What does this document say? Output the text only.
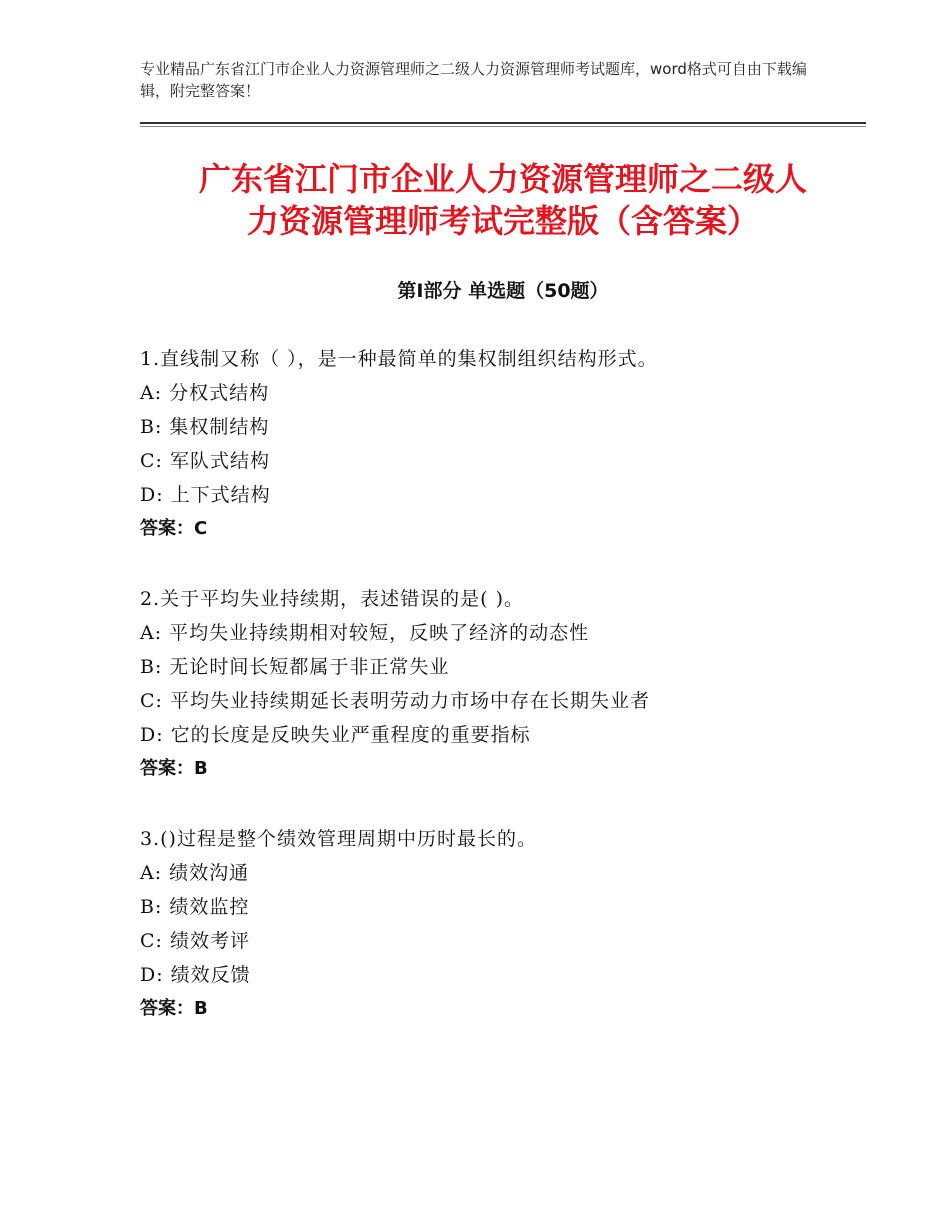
专业精品广东省江门市企业人力资源管理师之二级人力资源管理师考试题库，word格式可自由下载编辑，附完整答案！
广东省江门市企业人力资源管理师之二级人
力资源管理师考试完整版（含答案）
第Ⅰ部分 单选题（50题）
1.直线制又称（ ），是一种最简单的集权制组织结构形式。
A: 分权式结构
B: 集权制结构
C: 军队式结构
D: 上下式结构
答案：C
2.关于平均失业持续期，表述错误的是( )。
A: 平均失业持续期相对较短，反映了经济的动态性
B: 无论时间长短都属于非正常失业
C: 平均失业持续期延长表明劳动力市场中存在长期失业者
D: 它的长度是反映失业严重程度的重要指标
答案：B
3.()过程是整个绩效管理周期中历时最长的。
A: 绩效沟通
B: 绩效监控
C: 绩效考评
D: 绩效反馈
答案：B
